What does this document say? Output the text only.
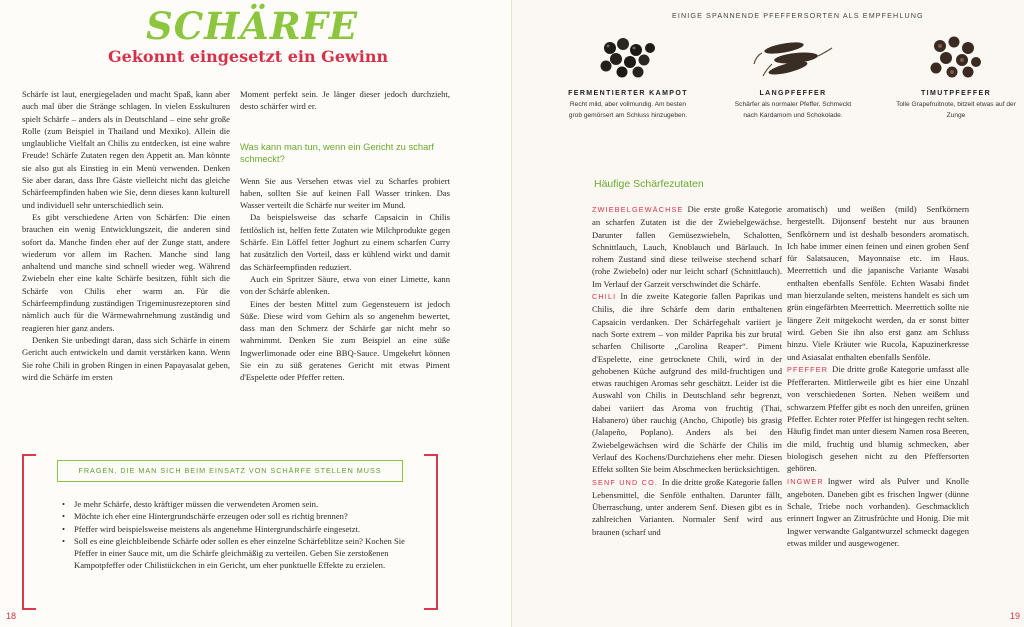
SCHÄRFE
Gekonnt eingesetzt ein Gewinn

Schärfe ist laut, energiegeladen und macht Spaß, kann aber auch mal über die Stränge schlagen. In vielen Esskulturen spielt Schärfe – anders als in Deutschland – eine sehr große Rolle (zum Beispiel in Thailand und Mexiko). Allein die unglaubliche Vielfalt an Chilis zu entdecken, ist eine wahre Freude! Schärfe Zutaten regen den Appetit an. Man könnte sie also gut als Einstieg in ein Menü verwenden. Denken Sie aber daran, dass Ihre Gäste vielleicht nicht das gleiche Schärfeempfinden haben wie Sie, denn dieses kann kulturell und individuell sehr unterschiedlich sein.

Es gibt verschiedene Arten von Schärfen: Die einen brauchen ein wenig Entwicklungszeit, die anderen sind sofort da. Manche finden eher auf der Zunge statt, andere wiederum vor allem im Rachen. Manche sind lang anhaltend und manche sind schnell wieder weg. Während Zwiebeln eher eine kalte Schärfe besitzen, fühlt sich die Schärfe von Chilis eher warm an. Für die Schärfeempfindung zuständigen Trigeminusrezeptoren sind nämlich auch für die Wärmewahrnehmung zuständig und reagieren hier ganz anders.

Denken Sie unbedingt daran, dass sich Schärfe in einem Gericht auch entwickeln und damit verstärken kann. Wenn Sie rohe Chili in groben Ringen in einen Papayasalat geben, wird die Schärfe im ersten

Moment perfekt sein. Je länger dieser jedoch durchzieht, desto schärfer wird er.

Was kann man tun, wenn ein Gericht zu scharf schmeckt?

Wenn Sie aus Versehen etwas viel zu Scharfes probiert haben, sollten Sie auf keinen Fall Wasser trinken. Das Wasser verteilt die Schärfe nur weiter im Mund.

Da beispielsweise das scharfe Capsaicin in Chilis fettlöslich ist, helfen fette Zutaten wie Milchprodukte gegen Schärfe. Ein Löffel fetter Joghurt zu einem scharfen Curry hat zusätzlich den Vorteil, dass er kühlend wirkt und damit das Schärfeempfinden reduziert.

Auch ein Spritzer Säure, etwa von einer Limette, kann von der Schärfe ablenken.

Eines der besten Mittel zum Gegensteuern ist jedoch Süße. Diese wird vom Gehirn als so angenehm bewertet, dass man den Schmerz der Schärfe gar nicht mehr so wahrnimmt. Denken Sie zum Beispiel an eine süße Ingwerlimonade oder eine BBQ-Sauce. Umgekehrt können Sie ein zu süß geratenes Gericht mit etwas Piment d'Espelette oder Pfeffer retten.

FRAGEN, DIE MAN SICH BEIM EINSATZ VON SCHÄRFE STELLEN MUSS
• Je mehr Schärfe, desto kräftiger müssen die verwendeten Aromen sein.
• Möchte ich eher eine Hintergrundschärfe erzeugen oder soll es richtig brennen?
• Pfeffer wird beispielsweise meistens als angenehme Hintergrundschärfe eingesetzt.
• Soll es eine gleichbleibende Schärfe oder sollen es eher einzelne Schärfeblitze sein? Kochen Sie Pfeffer in einer Sauce mit, um die Schärfe gleichmäßig zu verteilen. Geben Sie zerstoßenen Kampotpfeffer oder Chilistückchen in ein Gericht, um eher punktuelle Effekte zu erzielen.
18
EINIGE SPANNENDE PFEFFERSORTEN ALS EMPFEHLUNG
FERMENTIERTER KAMPOT
Recht mild, aber vollmundig. Am besten grob gemörsert am Schluss hinzugeben.
LANGPFEFFER
Schärfer als normaler Pfeffer. Schmeckt nach Kardamom und Schokolade.
TIMUTPFEFFER
Tolle Grapefruitnote, bitzelt etwas auf der Zunge
Häufige Schärfezutaten

ZWIEBELGEWÄCHSE Die erste große Kategorie an scharfen Zutaten ist die der Zwiebelgewächse. Darunter fallen Gemüsezwiebeln, Schalotten, Schnittlauch, Lauch, Knoblauch und Bärlauch. In rohem Zustand sind diese teilweise stechend scharf (rohe Zwiebeln) oder nur leicht scharf (Schnittlauch). Im Verlauf der Garzeit verschwindet die Schärfe.

CHILI In die zweite Kategorie fallen Paprikas und Chilis, die ihre Schärfe dem darin enthaltenen Capsaicin verdanken. Der Schärfegehalt variiert je nach Sorte extrem – von milder Paprika bis zur brutal scharfen Chilisorte „Carolina Reaper“. Piment d'Espelette, eine getrocknete Chili, wird in der gehobenen Küche aufgrund des mild-fruchtigen und etwas rauchigen Aromas sehr geschätzt. Leider ist die Auswahl von Chilis in Deutschland sehr begrenzt, dabei variiert das Aroma von fruchtig (Thai, Habanero) über rauchig (Ancho, Chipotle) bis grasig (Jalapeño, Poplano). Anders als bei den Zwiebelgewächsen wird die Schärfe der Chilis im Verlauf des Kochens/Durchziehens eher mehr. Diesen Effekt sollten Sie beim Abschmecken berücksichtigen.

SENF UND CO. In die dritte große Kategorie fallen Lebensmittel, die Senföle enthalten. Darunter fällt, Überraschung, unter anderem Senf. Diesen gibt es in zahlreichen Varianten. Normaler Senf wird aus braunen (scharf und

aromatisch) und weißen (mild) Senfkörnern hergestellt. Dijonsenf besteht nur aus braunen Senfkörnern und ist deshalb besonders aromatisch. Ich habe immer einen feinen und einen groben Senf für Salatsaucen, Mayonnaise etc. im Haus. Meerrettich und die japanische Variante Wasabi enthalten ebenfalls Senföle. Echten Wasabi findet man hierzulande selten, meistens handelt es sich um grün eingefärbten Meerrettich. Meerrettich sollte nie längere Zeit mitgekocht werden, da er sonst bitter wird. Geben Sie ihn also erst ganz am Schluss hinzu. Viele Kräuter wie Rucola, Kapuzinerkresse und Asiasalat enthalten ebenfalls Senföle.

PFEFFER Die dritte große Kategorie umfasst alle Pfefferarten. Mittlerweile gibt es hier eine Unzahl von verschiedenen Sorten. Neben weißem und schwarzem Pfeffer gibt es noch den unreifen, grünen Pfeffer. Echter roter Pfeffer ist hingegen recht selten. Häufig findet man unter diesem Namen rosa Beeren, die mild, fruchtig und blumig schmecken, aber biologisch gesehen nicht zu den Pfeffersorten gehören.

INGWER Ingwer wird als Pulver und Knolle angeboten. Daneben gibt es frischen Ingwer (dünne Schale, Triebe noch vorhanden). Geschmacklich erinnert Ingwer an Zitrusfrüchte und Honig. Die mit Ingwer verwandte Galgantwurzel schmeckt dagegen etwas milder und ausgewogener.

19
